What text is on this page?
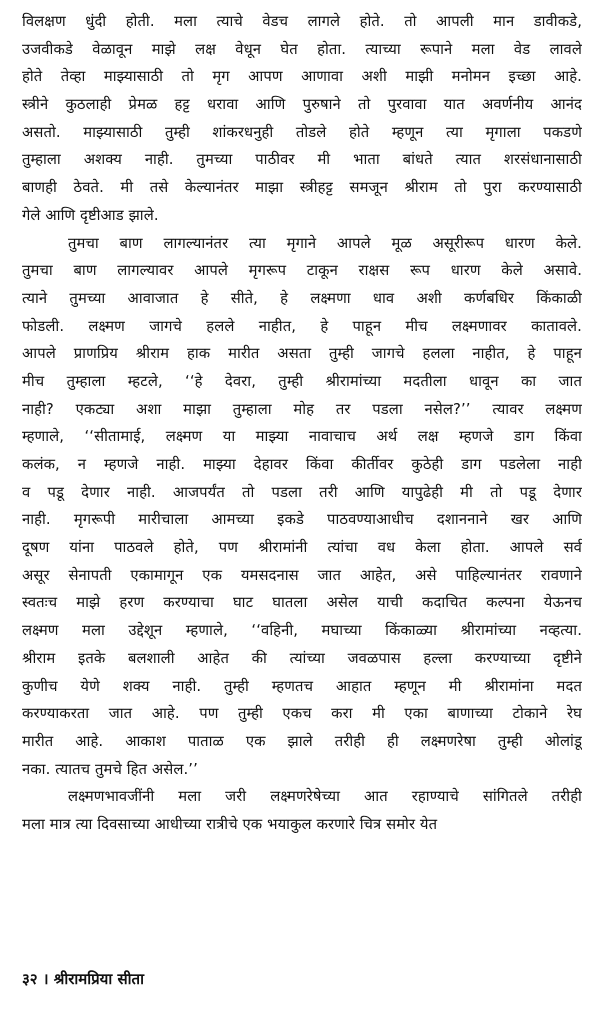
विलक्षण धुंदी होती. मला त्याचे वेडच लागले होते. तो आपली मान डावीकडे,
उजवीकडे वेळावून माझे लक्ष वेधून घेत होता. त्याच्या रूपाने मला वेड लावले
होते तेव्हा माझ्यासाठी तो मृग आपण आणावा अशी माझी मनोमन इच्छा आहे.
स्त्रीने कुठलाही प्रेमळ हट्ट धरावा आणि पुरुषाने तो पुरवावा यात अवर्णनीय आनंद
असतो. माझ्यासाठी तुम्ही शांकरधनुही तोडले होते म्हणून त्या मृगाला पकडणे
तुम्हाला अशक्य नाही. तुमच्या पाठीवर मी भाता बांधते त्यात शरसंधानासाठी
बाणही ठेवते. मी तसे केल्यानंतर माझा स्त्रीहट्ट समजून श्रीराम तो पुरा करण्यासाठी
गेले आणि दृष्टीआड झाले.
तुमचा बाण लागल्यानंतर त्या मृगाने आपले मूळ असूरीरूप धारण केले.
तुमचा बाण लागल्यावर आपले मृगरूप टाकून राक्षस रूप धारण केले असावे.
त्याने तुमच्या आवाजात हे सीते, हे लक्ष्मणा धाव अशी कर्णबधिर किंकाळी
फोडली. लक्ष्मण जागचे हलले नाहीत, हे पाहून मीच लक्ष्मणावर कातावले.
आपले प्राणप्रिय श्रीराम हाक मारीत असता तुम्ही जागचे हलला नाहीत, हे पाहून
मीच तुम्हाला म्हटले, ‘‘हे देवरा, तुम्ही श्रीरामांच्या मदतीला धावून का जात
नाही? एकट्या अशा माझा तुम्हाला मोह तर पडला नसेल?’’ त्यावर लक्ष्मण
म्हणाले, ‘‘सीतामाई, लक्ष्मण या माझ्या नावाचाच अर्थ लक्ष म्हणजे डाग किंवा
कलंक, न म्हणजे नाही. माझ्या देहावर किंवा कीर्तीवर कुठेही डाग पडलेला नाही
व पडू देणार नाही. आजपर्यंत तो पडला तरी आणि यापुढेही मी तो पडू देणार
नाही. मृगरूपी मारीचाला आमच्या इकडे पाठवण्याआधीच दशाननाने खर आणि
दूषण यांना पाठवले होते, पण श्रीरामांनी त्यांचा वध केला होता. आपले सर्व
असूर सेनापती एकामागून एक यमसदनास जात आहेत, असे पाहिल्यानंतर रावणाने
स्वतःच माझे हरण करण्याचा घाट घातला असेल याची कदाचित कल्पना येऊनच
लक्ष्मण मला उद्देशून म्हणाले, ‘‘वहिनी, मघाच्या किंकाळ्या श्रीरामांच्या नव्हत्या.
श्रीराम इतके बलशाली आहेत की त्यांच्या जवळपास हल्ला करण्याच्या दृष्टीने
कुणीच येणे शक्य नाही. तुम्ही म्हणतच आहात म्हणून मी श्रीरामांना मदत
करण्याकरता जात आहे. पण तुम्ही एकच करा मी एका बाणाच्या टोकाने रेघ
मारीत आहे. आकाश पाताळ एक झाले तरीही ही लक्ष्मणरेषा तुम्ही ओलांडू
नका. त्यातच तुमचे हित असेल.’’
लक्ष्मणभावजींनी मला जरी लक्ष्मणरेषेच्या आत रहाण्याचे सांगितले तरीही
मला मात्र त्या दिवसाच्या आधीच्या रात्रीचे एक भयाकुल करणारे चित्र समोर येत
३२ । श्रीरामप्रिया सीता
